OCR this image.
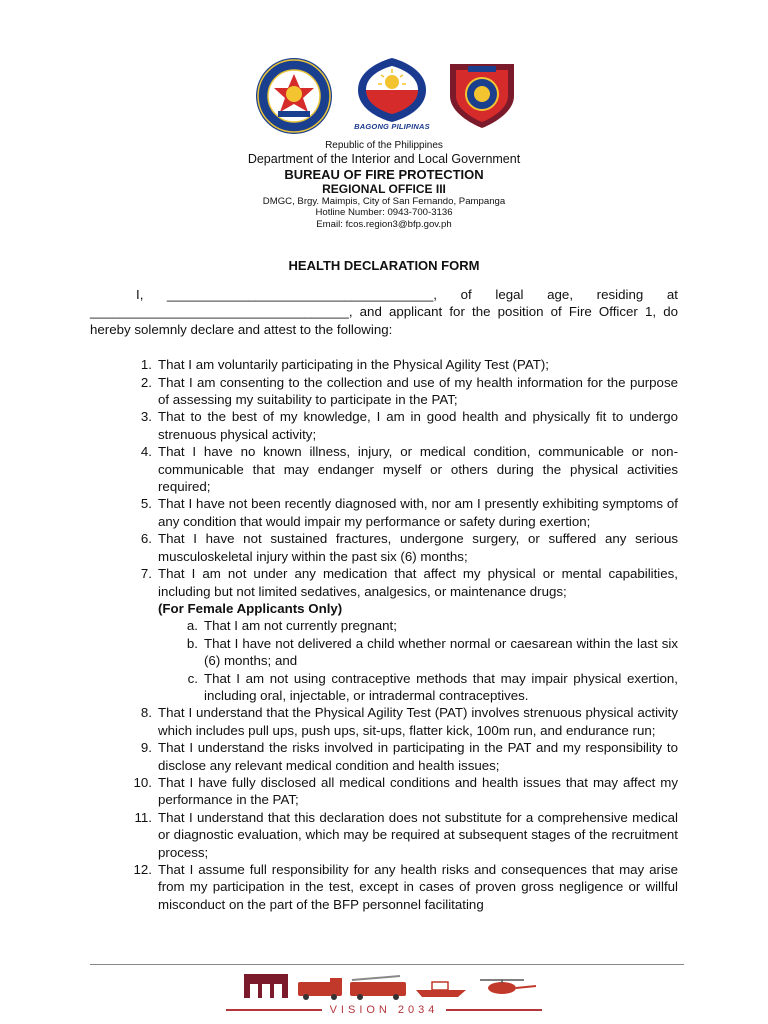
BAGONG PILIPINAS
Republic of the Philippines
Department of the Interior and Local Government
BUREAU OF FIRE PROTECTION
REGIONAL OFFICE III
DMGC, Brgy. Maimpis, City of San Fernando, Pampanga
Hotline Number: 0943-700-3136
Email: fcos.region3@bfp.gov.ph
HEALTH DECLARATION FORM

I, ____________________________________, of legal age, residing at ___________________________________, and applicant for the position of Fire Officer 1, do hereby solemnly declare and attest to the following:

1. That I am voluntarily participating in the Physical Agility Test (PAT);
2. That I am consenting to the collection and use of my health information for the purpose of assessing my suitability to participate in the PAT;
3. That to the best of my knowledge, I am in good health and physically fit to undergo strenuous physical activity;
4. That I have no known illness, injury, or medical condition, communicable or non-communicable that may endanger myself or others during the physical activities required;
5. That I have not been recently diagnosed with, nor am I presently exhibiting symptoms of any condition that would impair my performance or safety during exertion;
6. That I have not sustained fractures, undergone surgery, or suffered any serious musculoskeletal injury within the past six (6) months;
7. That I am not under any medication that affect my physical or mental capabilities, including but not limited sedatives, analgesics, or maintenance drugs;
(For Female Applicants Only)
a. That I am not currently pregnant;
b. That I have not delivered a child whether normal or caesarean within the last six (6) months; and
c. That I am not using contraceptive methods that may impair physical exertion, including oral, injectable, or intradermal contraceptives.
8. That I understand that the Physical Agility Test (PAT) involves strenuous physical activity which includes pull ups, push ups, sit-ups, flatter kick, 100m run, and endurance run;
9. That I understand the risks involved in participating in the PAT and my responsibility to disclose any relevant medical condition and health issues;
10. That I have fully disclosed all medical conditions and health issues that may affect my performance in the PAT;
11. That I understand that this declaration does not substitute for a comprehensive medical or diagnostic evaluation, which may be required at subsequent stages of the recruitment process;
12. That I assume full responsibility for any health risks and consequences that may arise from my participation in the test, except in cases of proven gross negligence or willful misconduct on the part of the BFP personnel facilitating
VISION 2034
